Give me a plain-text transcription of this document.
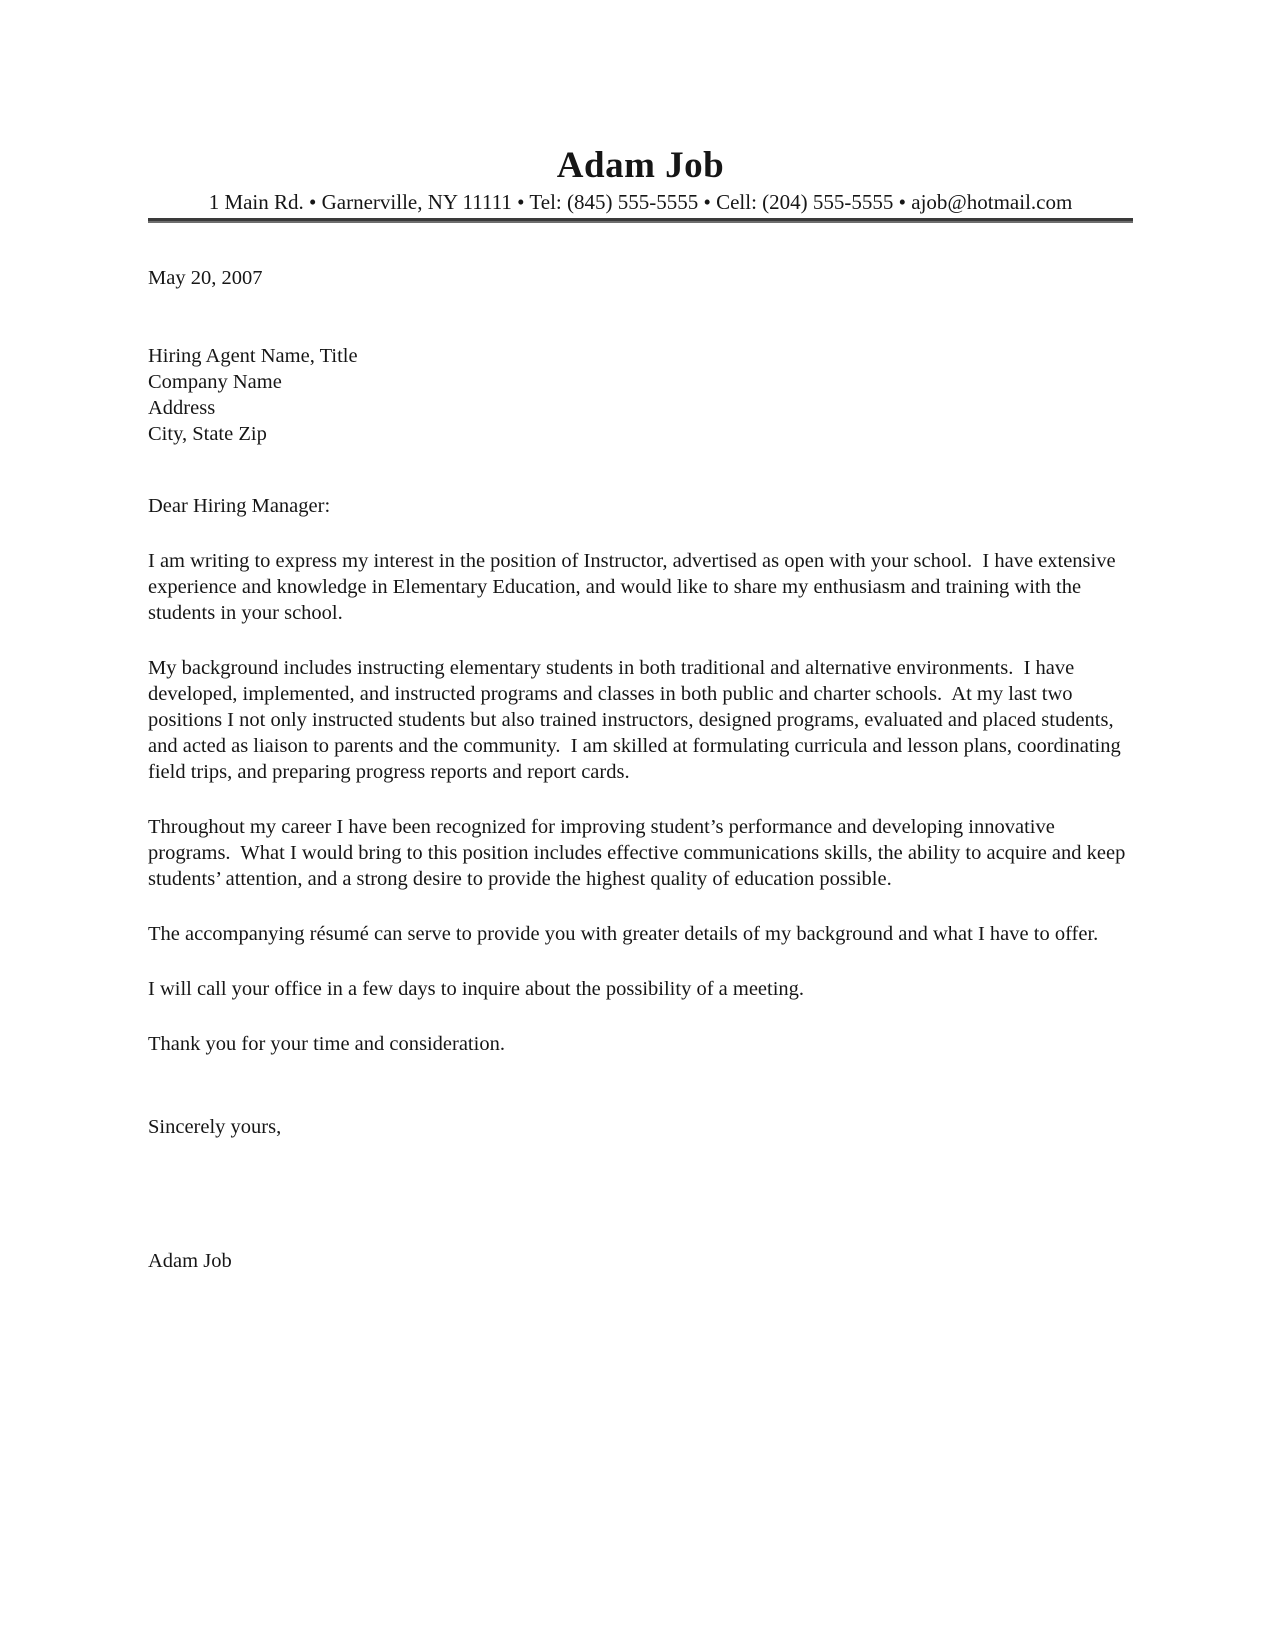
Adam Job
1 Main Rd. • Garnerville, NY 11111 • Tel: (845) 555-5555 • Cell: (204) 555-5555 • ajob@hotmail.com
May 20, 2007
Hiring Agent Name, Title
Company Name
Address
City, State Zip
Dear Hiring Manager:

I am writing to express my interest in the position of Instructor, advertised as open with your school.  I have extensive experience and knowledge in Elementary Education, and would like to share my enthusiasm and training with the students in your school.

My background includes instructing elementary students in both traditional and alternative environments.  I have developed, implemented, and instructed programs and classes in both public and charter schools.  At my last two positions I not only instructed students but also trained instructors, designed programs, evaluated and placed students, and acted as liaison to parents and the community.  I am skilled at formulating curricula and lesson plans, coordinating field trips, and preparing progress reports and report cards.

Throughout my career I have been recognized for improving student’s performance and developing innovative programs.  What I would bring to this position includes effective communications skills, the ability to acquire and keep students’ attention, and a strong desire to provide the highest quality of education possible.

The accompanying résumé can serve to provide you with greater details of my background and what I have to offer.

I will call your office in a few days to inquire about the possibility of a meeting.

Thank you for your time and consideration.

Sincerely yours,
Adam Job
